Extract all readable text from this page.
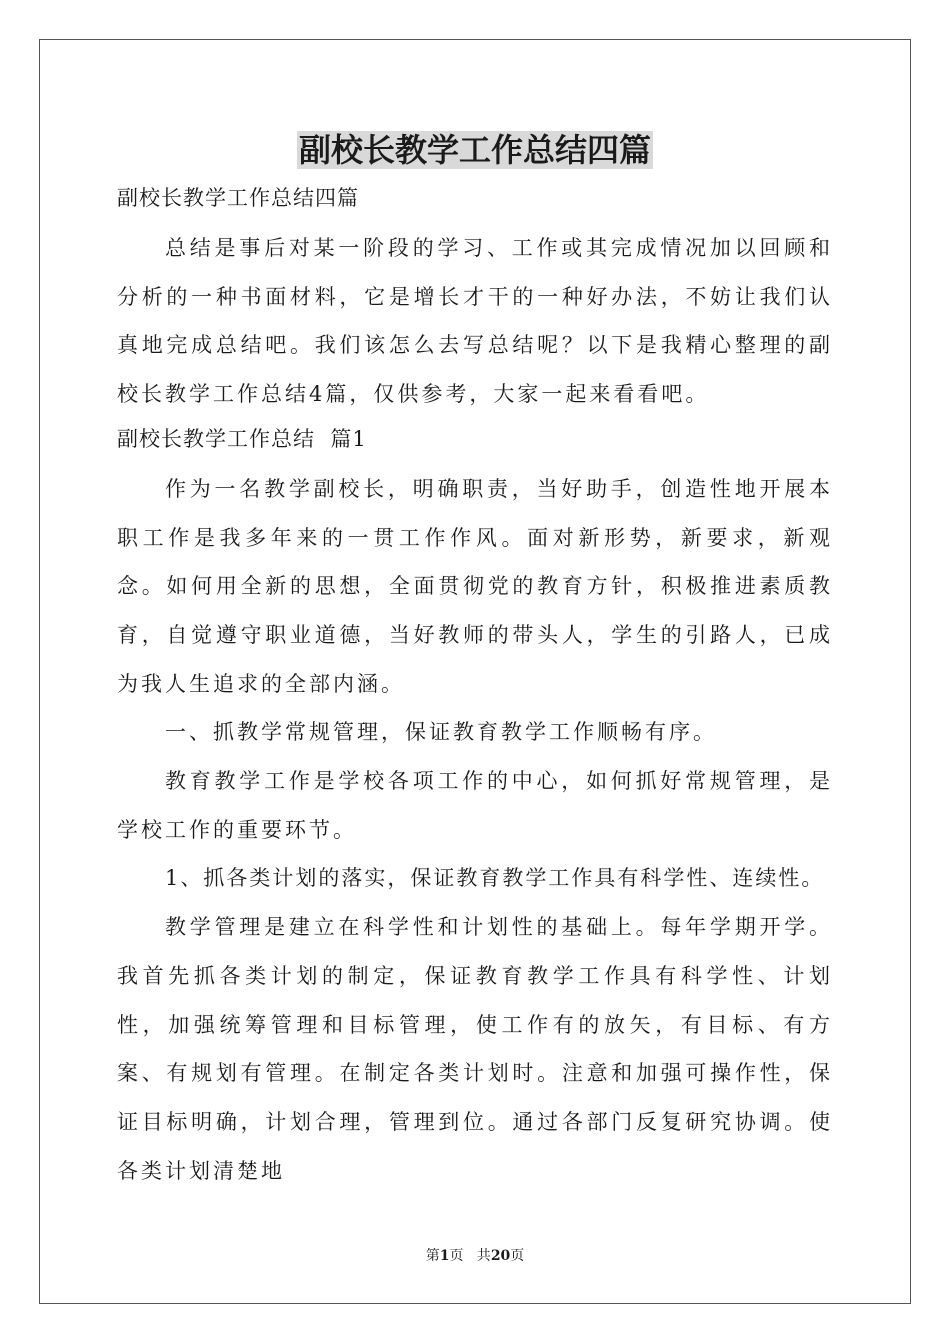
副校长教学工作总结四篇

副校长教学工作总结四篇

总结是事后对某一阶段的学习、工作或其完成情况加以回顾和分析的一种书面材料，它是增长才干的一种好办法，不妨让我们认真地完成总结吧。我们该怎么去写总结呢？以下是我精心整理的副校长教学工作总结4篇，仅供参考，大家一起来看看吧。

副校长教学工作总结  篇1

作为一名教学副校长，明确职责，当好助手，创造性地开展本职工作是我多年来的一贯工作作风。面对新形势，新要求，新观念。如何用全新的思想，全面贯彻党的教育方针，积极推进素质教育，自觉遵守职业道德，当好教师的带头人，学生的引路人，已成为我人生追求的全部内涵。

一、抓教学常规管理，保证教育教学工作顺畅有序。

教育教学工作是学校各项工作的中心，如何抓好常规管理，是学校工作的重要环节。

1、抓各类计划的落实，保证教育教学工作具有科学性、连续性。

教学管理是建立在科学性和计划性的基础上。每年学期开学。我首先抓各类计划的制定，保证教育教学工作具有科学性、计划性，加强统筹管理和目标管理，使工作有的放矢，有目标、有方案、有规划有管理。在制定各类计划时。注意和加强可操作性，保证目标明确，计划合理，管理到位。通过各部门反复研究协调。使各类计划清楚地

第1页   共20页
